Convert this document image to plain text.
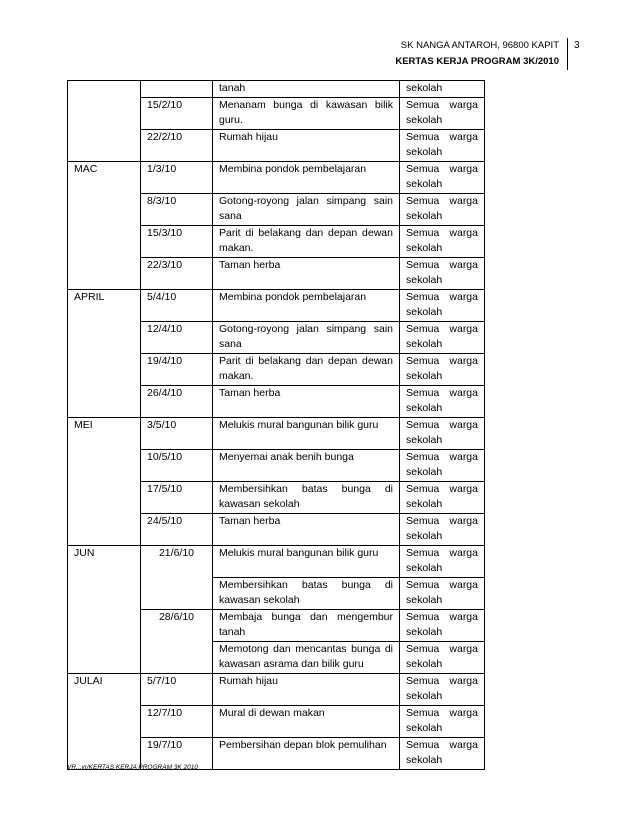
SK NANGA ANTAROH, 96800 KAPIT
KERTAS KERJA PROGRAM 3K/2010
3
		tanah	sekolah
	15/2/10	Menanam bunga di kawasan bilik guru.	Semua warga
sekolah

	22/2/10	Rumah hijau	Semua warga
sekolah

MAC	1/3/10	Membina pondok pembelajaran	Semua warga
sekolah

	8/3/10	Gotong-royong jalan simpang sain sana	Semua warga
sekolah

	15/3/10	Parit di belakang dan depan dewan makan.	Semua warga
sekolah

	22/3/10	Taman herba	Semua warga
sekolah

APRIL	5/4/10	Membina pondok pembelajaran	Semua warga
sekolah

	12/4/10	Gotong-royong jalan simpang sain sana	Semua warga
sekolah

	19/4/10	Parit di belakang dan depan dewan makan.	Semua warga
sekolah

	26/4/10	Taman herba	Semua warga
sekolah

MEI	3/5/10	Melukis mural bangunan bilik guru	Semua warga
sekolah

	10/5/10	Menyemai anak benih bunga	Semua warga
sekolah

	17/5/10	Membersihkan batas bunga di kawasan sekolah	Semua warga
sekolah

	24/5/10	Taman herba	Semua warga
sekolah

JUN	21/6/10	Melukis mural bangunan bilik guru	Semua warga
sekolah

		Membersihkan batas bunga di kawasan sekolah	Semua warga
sekolah

	28/6/10	Membaja bunga dan mengembur tanah	Semua warga
sekolah

		Memotong dan mencantas bunga di kawasan asrama dan bilik guru	Semua warga
sekolah

JULAI	5/7/10	Rumah hijau	Semua warga
sekolah

	12/7/10	Mural di dewan makan	Semua warga
sekolah

	19/7/10	Pembersihan depan blok pemulihan	Semua warga
sekolah
VR...vr/KERTAS KERJA PROGRAM 3K 2010
